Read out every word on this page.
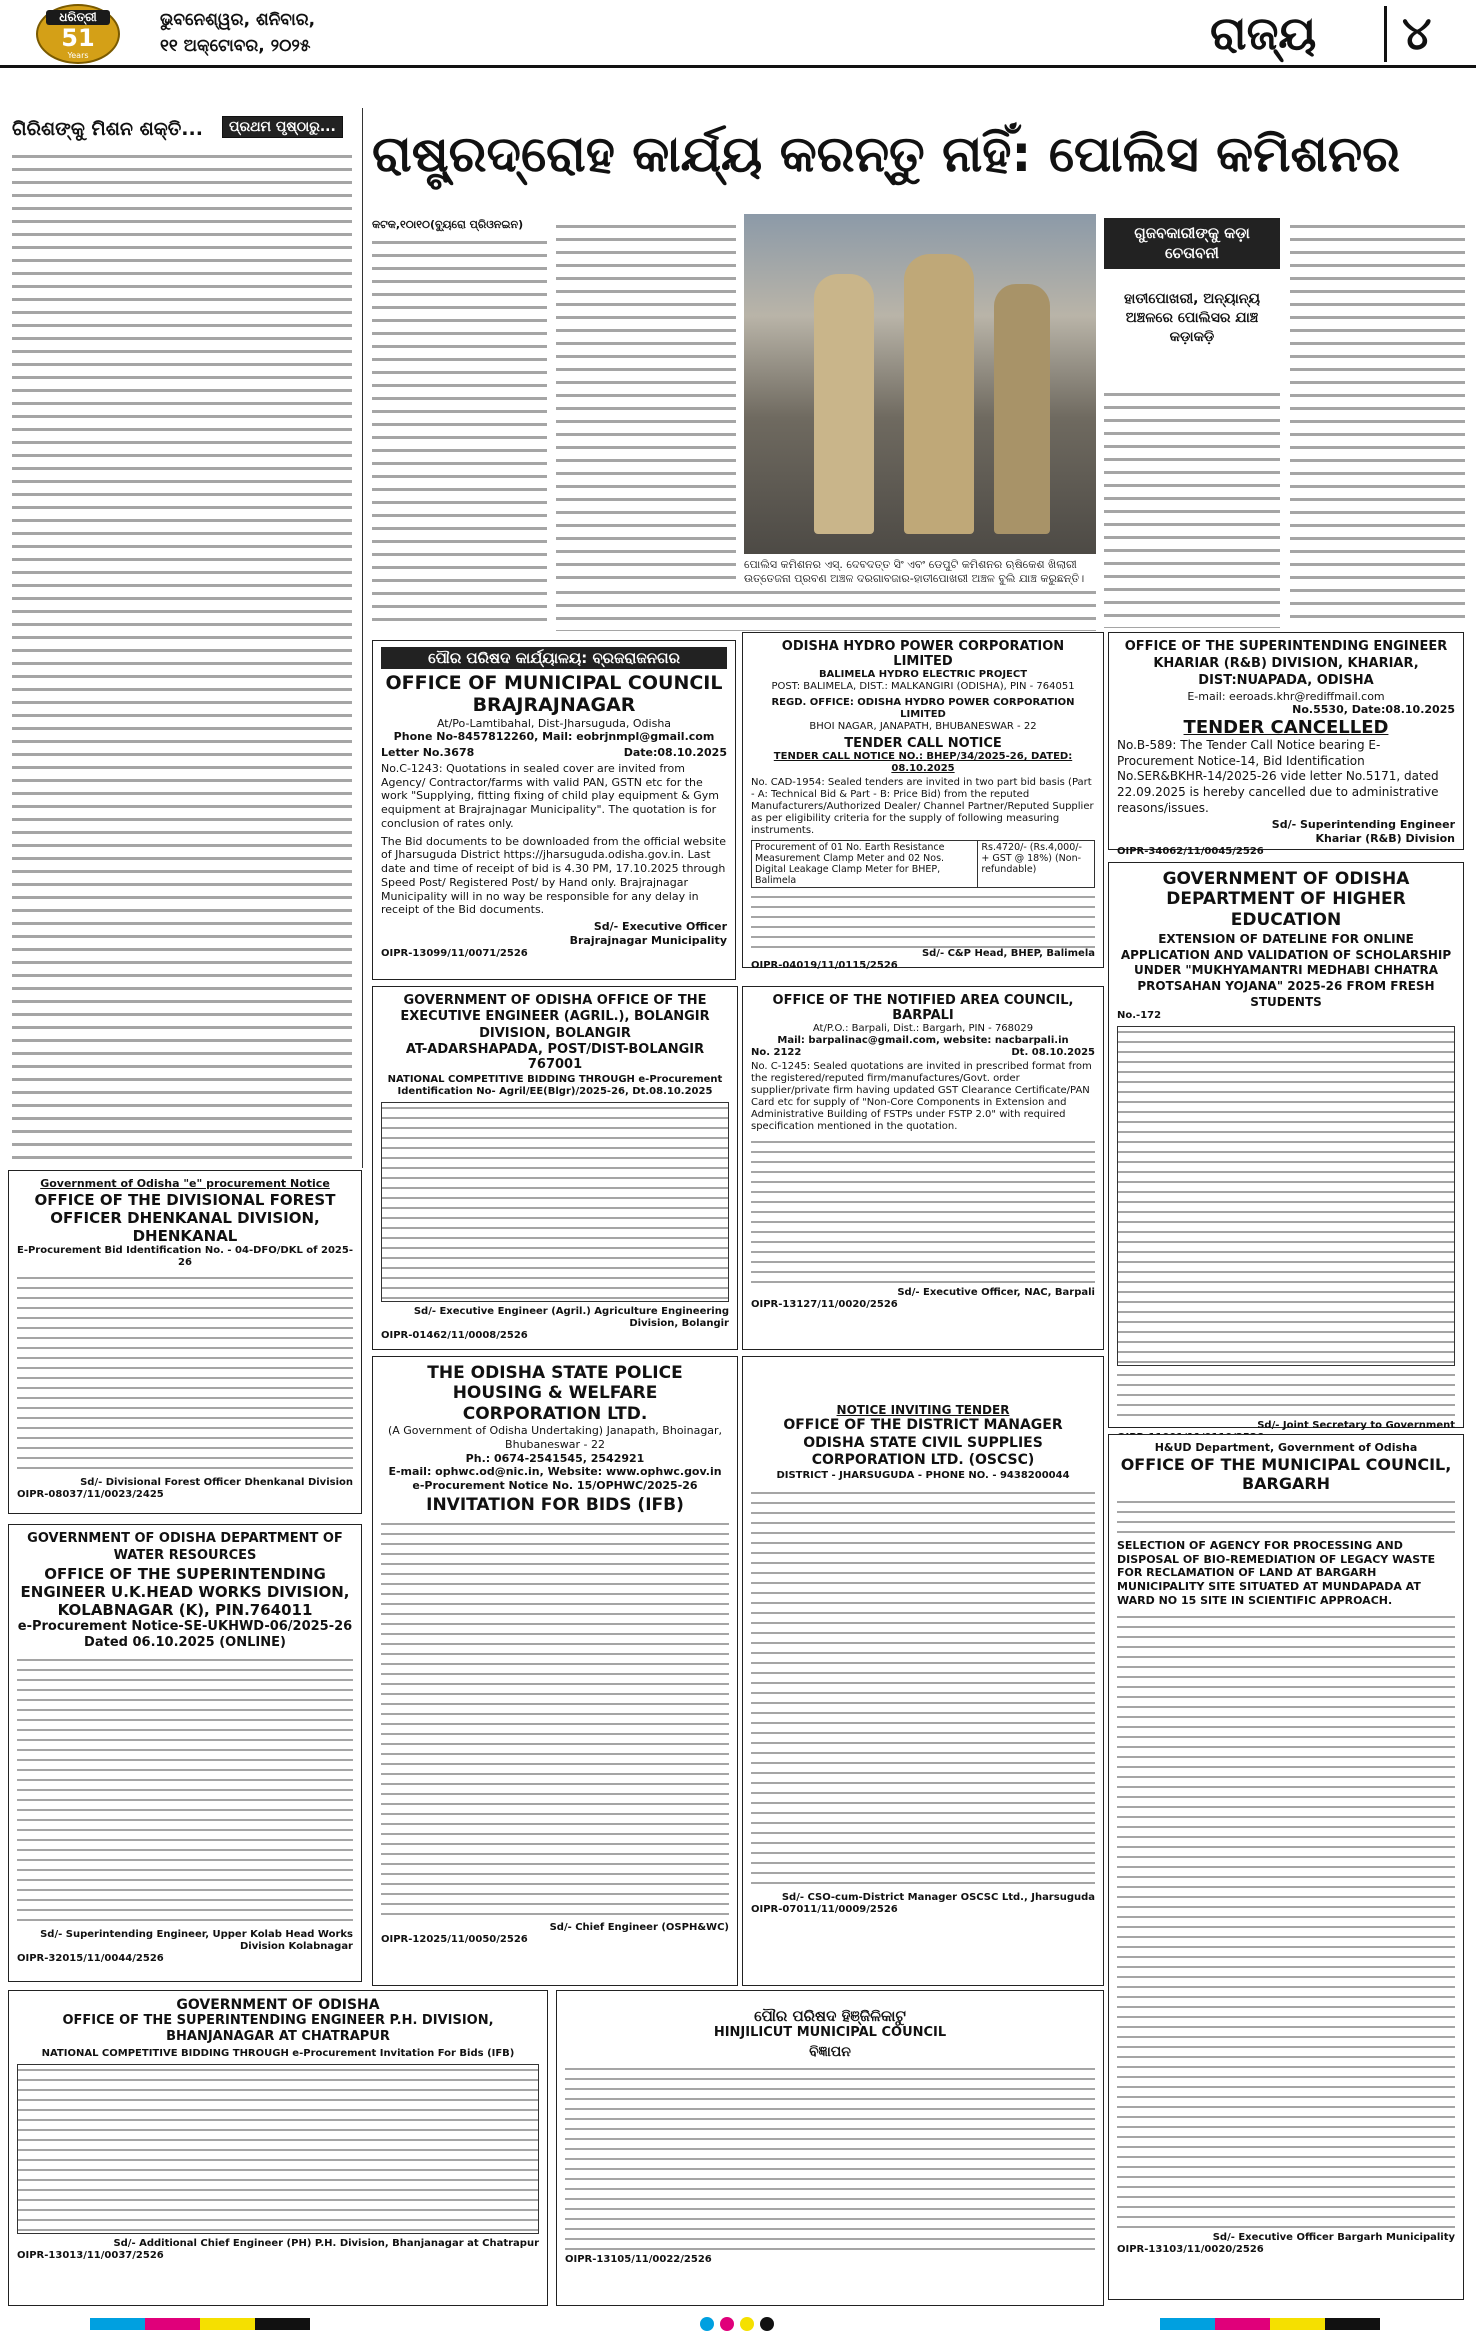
ଧରିତ୍ରୀ
51
Years
ଭୁବନେଶ୍ୱର, ଶନିବାର,
୧୧ ଅକ୍ଟୋବର, ୨୦୨୫	ରାଜ୍ୟ ୪
ଗିରିଶଙ୍କୁ ମିଶନ ଶକ୍ତି...	ପ୍ରଥମ ପୃଷ୍ଠାରୁ... ରାଷ୍ଟ୍ରଦ୍ରୋହ କାର୍ଯ୍ୟ କରନ୍ତୁ ନାହିଁ: ପୋଲିସ କମିଶନର
କଟକ,୧୦ା୧୦(ବ୍ୟୁରୋ ପ୍ରିଓନଇନ)
ପୋଲିସ କମିଶନର ଏସ୍. ଦେବଦତ୍ତ ସିଂ ଏବଂ ଡେପୁଟି କମିଶନର ଋଷିକେଶ ଖିଲାରୀ ଉତ୍ତେଜନା ପ୍ରବଣ ଅଞ୍ଚଳ ଦରଗାବଜାର-ହାତୀପୋଖରୀ ଅଞ୍ଚଳ ବୁଲି ଯାଞ୍ଚ କରୁଛନ୍ତି।
ଗୁଜବକାରୀଙ୍କୁ କଡ଼ା ଚେତାବନୀ
ହାତୀପୋଖରୀ, ଅନ୍ୟାନ୍ୟ ଅଞ୍ଚଳରେ ପୋଲିସର ଯାଞ୍ଚ କଡ଼ାକଡ଼ି
ପୌର ପରିଷଦ କାର୍ଯ୍ୟାଳୟ: ବ୍ରଜରାଜନଗର
OFFICE OF MUNICIPAL COUNCIL BRAJRAJNAGAR
At/Po-Lamtibahal, Dist-Jharsuguda, Odisha
Phone No-8457812260, Mail: eobrjnmpl@gmail.com
Letter No.3678	Date:08.10.2025
No.C-1243: Quotations in sealed cover are invited from Agency/ Contractor/farms with valid PAN, GSTN etc for the work "Supplying, fitting fixing of child play equipment & Gym equipment at Brajrajnagar Municipality". The quotation is for conclusion of rates only.
The Bid documents to be downloaded from the official website of Jharsuguda District https://jharsuguda.odisha.gov.in. Last date and time of receipt of bid is 4.30 PM, 17.10.2025 through Speed Post/ Registered Post/ by Hand only. Brajrajnagar Municipality will in no way be responsible for any delay in receipt of the Bid documents.
Sd/- Executive Officer
Brajrajnagar Municipality
OIPR-13099/11/0071/2526
ODISHA HYDRO POWER CORPORATION LIMITED
BALIMELA HYDRO ELECTRIC PROJECT
POST: BALIMELA, DIST.: MALKANGIRI (ODISHA), PIN - 764051
REGD. OFFICE: ODISHA HYDRO POWER CORPORATION LIMITED
BHOI NAGAR, JANAPATH, BHUBANESWAR - 22
TENDER CALL NOTICE
TENDER CALL NOTICE NO.: BHEP/34/2025-26, DATED: 08.10.2025
No. CAD-1954: Sealed tenders are invited in two part bid basis (Part - A: Technical Bid & Part - B: Price Bid) from the reputed Manufacturers/Authorized Dealer/ Channel Partner/Reputed Supplier as per eligibility criteria for the supply of following measuring instruments.
Procurement of 01 No. Earth Resistance Measurement Clamp Meter and 02 Nos. Digital Leakage Clamp Meter for BHEP, Balimela	Rs.4720/- (Rs.4,000/- + GST @ 18%) (Non-refundable)
Sd/- C&P Head, BHEP, Balimela
OIPR-04019/11/0115/2526
OFFICE OF THE SUPERINTENDING ENGINEER KHARIAR (R&B) DIVISION, KHARIAR, DIST:NUAPADA, ODISHA
E-mail: eeroads.khr@rediffmail.com
No.5530, Date:08.10.2025
TENDER CANCELLED
No.B-589: The Tender Call Notice bearing E-Procurement Notice-14, Bid Identification No.SER&BKHR-14/2025-26 vide letter No.5171, dated 22.09.2025 is hereby cancelled due to administrative reasons/issues.
Sd/- Superintending Engineer
Khariar (R&B) Division
OIPR-34062/11/0045/2526
GOVERNMENT OF ODISHA DEPARTMENT OF HIGHER EDUCATION
EXTENSION OF DATELINE FOR ONLINE APPLICATION AND VALIDATION OF SCHOLARSHIP UNDER "MUKHYAMANTRI MEDHABI CHHATRA PROTSAHAN YOJANA" 2025-26 FROM FRESH STUDENTS
No.-172
Sd/- Joint Secretary to Government
Government of Odisha "e" procurement Notice
OFFICE OF THE DIVISIONAL FOREST OFFICER DHENKANAL DIVISION, DHENKANAL
E-Procurement Bid Identification No. - 04-DFO/DKL of 2025-26
Sd/- Divisional Forest Officer Dhenkanal Division
OIPR-08037/11/0023/2425
GOVERNMENT OF ODISHA DEPARTMENT OF WATER RESOURCES
OFFICE OF THE SUPERINTENDING ENGINEER U.K.HEAD WORKS DIVISION, KOLABNAGAR (K), PIN.764011
e-Procurement Notice-SE-UKHWD-06/2025-26 Dated 06.10.2025 (ONLINE)
Sd/- Superintending Engineer, Upper Kolab Head Works Division Kolabnagar
OIPR-32015/11/0044/2526
GOVERNMENT OF ODISHA OFFICE OF THE EXECUTIVE ENGINEER (AGRIL.), BOLANGIR DIVISION, BOLANGIR
AT-ADARSHAPADA, POST/DIST-BOLANGIR 767001
NATIONAL COMPETITIVE BIDDING THROUGH e-Procurement Identification No- Agril/EE(Blgr)/2025-26, Dt.08.10.2025
Sd/- Executive Engineer (Agril.) Agriculture Engineering Division, Bolangir
OIPR-01462/11/0008/2526
OFFICE OF THE NOTIFIED AREA COUNCIL, BARPALI
At/P.O.: Barpali, Dist.: Bargarh, PIN - 768029
Mail: barpalinac@gmail.com, website: nacbarpali.in
No. 2122	Dt. 08.10.2025
No. C-1245: Sealed quotations are invited in prescribed format from the registered/reputed firm/manufactures/Govt. order supplier/private firm having updated GST Clearance Certificate/PAN Card etc for supply of "Non-Core Components in Extension and Administrative Building of FSTPs under FSTP 2.0" with required specification mentioned in the quotation.
Sd/- Executive Officer, NAC, Barpali
OIPR-13127/11/0020/2526
THE ODISHA STATE POLICE HOUSING & WELFARE CORPORATION LTD.
(A Government of Odisha Undertaking) Janapath, Bhoinagar, Bhubaneswar - 22
Ph.: 0674-2541545, 2542921
E-mail: ophwc.od@nic.in, Website: www.ophwc.gov.in
e-Procurement Notice No. 15/OPHWC/2025-26
INVITATION FOR BIDS (IFB)
Sd/- Chief Engineer (OSPH&WC)
OIPR-12025/11/0050/2526
NOTICE INVITING TENDER
OFFICE OF THE DISTRICT MANAGER ODISHA STATE CIVIL SUPPLIES CORPORATION LTD. (OSCSC)
DISTRICT - JHARSUGUDA - PHONE NO. - 9438200044
Sd/- CSO-cum-District Manager OSCSC Ltd., Jharsuguda
OIPR-07011/11/0009/2526
H&UD Department, Government of Odisha
OFFICE OF THE MUNICIPAL COUNCIL, BARGARH
SELECTION OF AGENCY FOR PROCESSING AND DISPOSAL OF BIO-REMEDIATION OF LEGACY WASTE FOR RECLAMATION OF LAND AT BARGARH MUNICIPALITY SITE SITUATED AT MUNDAPADA AT WARD NO 15 SITE IN SCIENTIFIC APPROACH.
Sd/- Executive Officer Bargarh Municipality
OIPR-13103/11/0020/2526
GOVERNMENT OF ODISHA
OFFICE OF THE SUPERINTENDING ENGINEER P.H. DIVISION, BHANJANAGAR AT CHATRAPUR
NATIONAL COMPETITIVE BIDDING THROUGH e-Procurement Invitation For Bids (IFB)
Sd/- Additional Chief Engineer (PH) P.H. Division, Bhanjanagar at Chatrapur
OIPR-13013/11/0037/2526
ପୌର ପରିଷଦ ହିଞ୍ଜିଳିକାଟୁ
HINJILICUT MUNICIPAL COUNCIL
ବିଜ୍ଞାପନ
OIPR-13105/11/0022/2526
